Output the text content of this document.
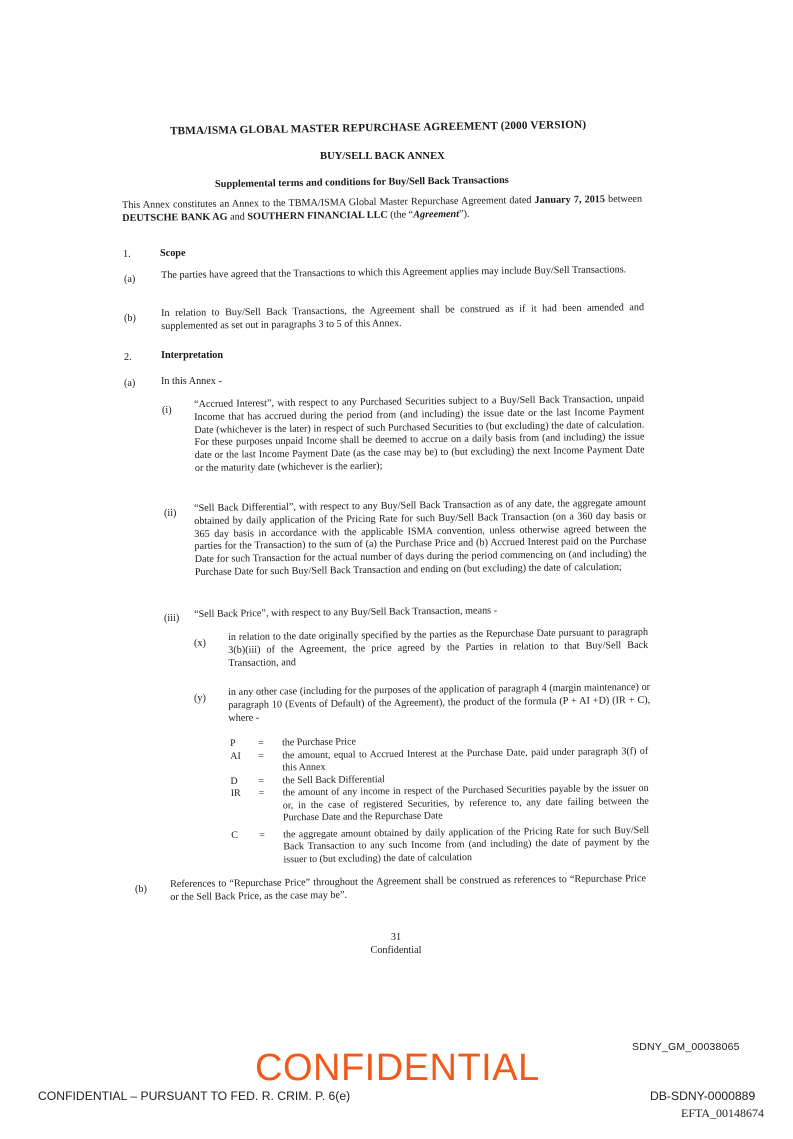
TBMA/ISMA GLOBAL MASTER REPURCHASE AGREEMENT (2000 VERSION)
BUY/SELL BACK ANNEX
Supplemental terms and conditions for Buy/Sell Back Transactions
This Annex constitutes an Annex to the TBMA/ISMA Global Master Repurchase Agreement dated January 7, 2015 between DEUTSCHE BANK AG and SOUTHERN FINANCIAL LLC (the “Agreement”).
1.	Scope
(a)	The parties have agreed that the Transactions to which this Agreement applies may include Buy/Sell Transactions.
(b) In relation to Buy/Sell Back Transactions, the Agreement shall be construed as if it had been amended and supplemented as set out in paragraphs 3 to 5 of this Annex.
2.	Interpretation
(a)	In this Annex -
(i)
“Accrued Interest”, with respect to any Purchased Securities subject to a Buy/Sell Back Transaction, unpaid Income that has accrued during the period from (and including) the issue date or the last Income Payment Date (whichever is the later) in respect of such Purchased Securities to (but excluding) the date of calculation. For these purposes unpaid Income shall be deemed to accrue on a daily basis from (and including) the issue date or the last Income Payment Date (as the case may be) to (but excluding) the next Income Payment Date or the maturity date (whichever is the earlier);
(ii) “Sell Back Differential”, with respect to any Buy/Sell Back Transaction as of any date, the aggregate amount obtained by daily application of the Pricing Rate for such Buy/Sell Back Transaction (on a 360 day basis or 365 day basis in accordance with the applicable ISMA convention, unless otherwise agreed between the parties for the Transaction) to the sum of (a) the Purchase Price and (b) Accrued Interest paid on the Purchase Date for such Transaction for the actual number of days during the period commencing on (and including) the Purchase Date for such Buy/Sell Back Transaction and ending on (but excluding) the date of calculation;
(iii) “Sell Back Price”, with respect to any Buy/Sell Back Transaction, means -
(x)
in relation to the date originally specified by the parties as the Repurchase Date pursuant to paragraph 3(b)(iii) of the Agreement, the price agreed by the Parties in relation to that Buy/Sell Back Transaction, and
(y)
in any other case (including for the purposes of the application of paragraph 4 (margin maintenance) or paragraph 10 (Events of Default) of the Agreement), the product of the formula (P + AI +D) (IR + C), where -
P	=	the Purchase Price
AI	=	the amount, equal to Accrued Interest at the Purchase Date, paid under paragraph 3(f) of this Annex
D	=	the Sell Back Differential
IR	=	the amount of any income in respect of the Purchased Securities payable by the issuer on or, in the case of registered Securities, by reference to, any date failing between the Purchase Date and the Repurchase Date
C	=	the aggregate amount obtained by daily application of the Pricing Rate for such Buy/Sell Back Transaction to any such Income from (and including) the date of payment by the issuer to (but excluding) the date of calculation
(b) References to “Repurchase Price” throughout the Agreement shall be construed as references to “Repurchase Price or the Sell Back Price, as the case may be”.
31
Confidential
SDNY_GM_00038065
CONFIDENTIAL
CONFIDENTIAL – PURSUANT TO FED. R. CRIM. P. 6(e)	DB-SDNY-0000889
EFTA_00148674
